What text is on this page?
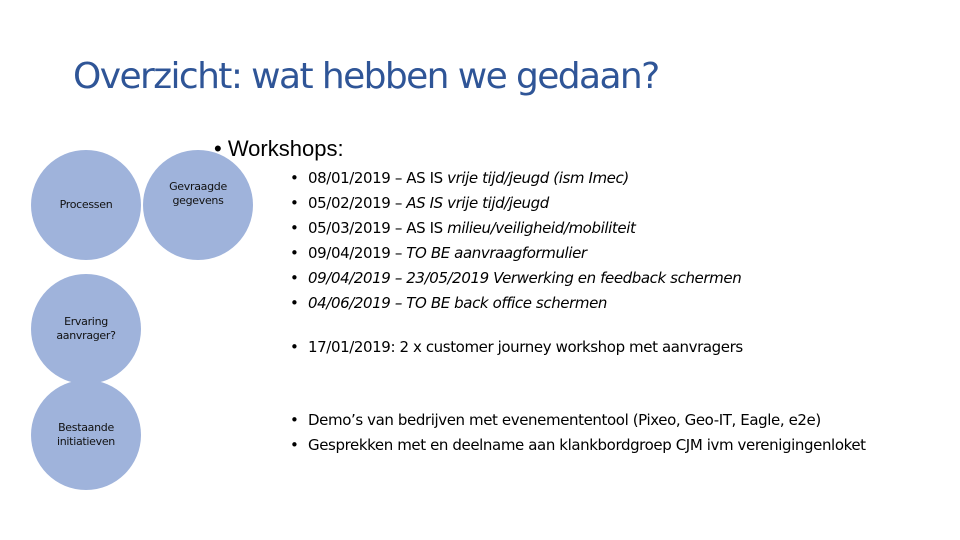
Overzicht: wat hebben we gedaan?
Processen
Gevraagde gegevens
Ervaring aanvrager?
Bestaande initiatieven
• Workshops:
• 08/01/2019 – AS IS vrije tijd/jeugd (ism Imec)
• 05/02/2019 – AS IS vrije tijd/jeugd
• 05/03/2019 – AS IS milieu/veiligheid/mobiliteit
• 09/04/2019 – TO BE aanvraagformulier
• 09/04/2019 – 23/05/2019 Verwerking en feedback schermen
• 04/06/2019 – TO BE back office schermen
• 17/01/2019: 2 x customer journey workshop met aanvragers
• Demo’s van bedrijven met evenemententool (Pixeo, Geo-IT, Eagle, e2e)
• Gesprekken met en deelname aan klankbordgroep CJM ivm verenigingenloket
